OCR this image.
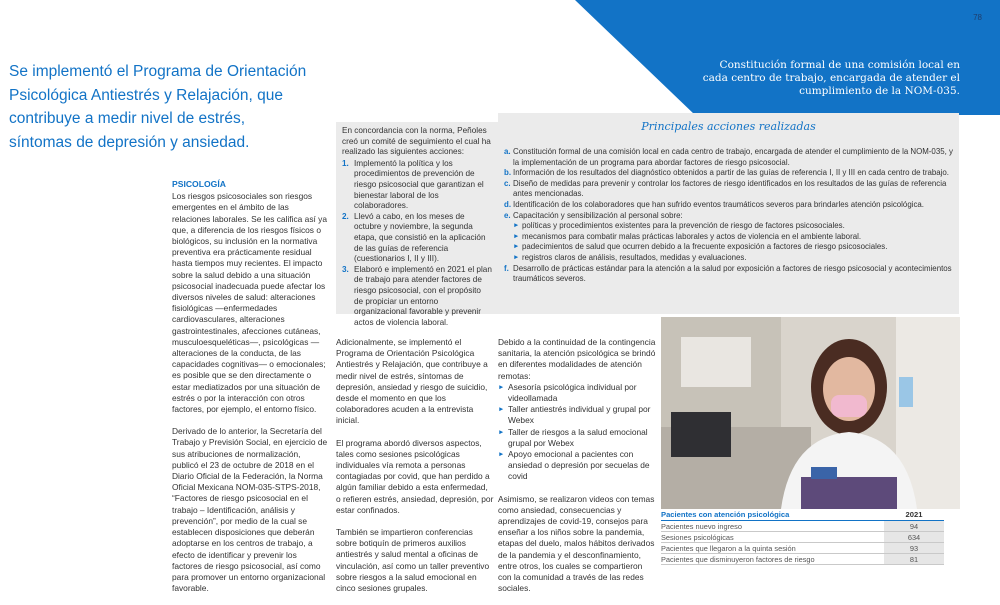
78
Constitución formal de una comisión local en cada centro de trabajo, encargada de atender el cumplimiento de la NOM-035.
Se implementó el Programa de Orientación Psicológica Antiestrés y Relajación, que contribuye a medir nivel de estrés, síntomas de depresión y ansiedad.
PSICOLOGÍA

Los riesgos psicosociales son riesgos emergentes en el ámbito de las relaciones laborales. Se les califica así ya que, a diferencia de los riesgos físicos o biológicos, su inclusión en la normativa preventiva era prácticamente residual hasta tiempos muy recientes. El impacto sobre la salud debido a una situación psicosocial inadecuada puede afectar los diversos niveles de salud: alteraciones fisiológicas —enfermedades cardiovasculares, alteraciones gastrointestinales, afecciones cutáneas, musculoesqueléticas—, psicológicas —alteraciones de la conducta, de las capacidades cognitivas— o emocionales; es posible que se den directamente o estar mediatizados por una situación de estrés o por la interacción con otros factores, por ejemplo, el entorno físico.

Derivado de lo anterior, la Secretaría del Trabajo y Previsión Social, en ejercicio de sus atribuciones de normalización, publicó el 23 de octubre de 2018 en el Diario Oficial de la Federación, la Norma Oficial Mexicana NOM-035-STPS-2018, “Factores de riesgo psicosocial en el trabajo – Identificación, análisis y prevención”, por medio de la cual se establecen disposiciones que deberán adoptarse en los centros de trabajo, a efecto de identificar y prevenir los factores de riesgo psicosocial, así como para promover un entorno organizacional favorable.

En concordancia con la norma, Peñoles creó un comité de seguimiento el cual ha realizado las siguientes acciones:
1. Implementó la política y los procedimientos de prevención de riesgo psicosocial que garantizan el bienestar laboral de los colaboradores.
2. Llevó a cabo, en los meses de octubre y noviembre, la segunda etapa, que consistió en la aplicación de las guías de referencia (cuestionarios I, II y III).
3. Elaboró e implementó en 2021 el plan de trabajo para atender factores de riesgo psicosocial, con el propósito de propiciar un entorno organizacional favorable y prevenir actos de violencia laboral.
Principales acciones realizadas
a. Constitución formal de una comisión local en cada centro de trabajo, encargada de atender el cumplimiento de la NOM-035, y la implementación de un programa para abordar factores de riesgo psicosocial.
b. Información de los resultados del diagnóstico obtenidos a partir de las guías de referencia I, II y III en cada centro de trabajo.
c. Diseño de medidas para prevenir y controlar los factores de riesgo identificados en los resultados de las guías de referencia antes mencionadas.
d. Identificación de los colaboradores que han sufrido eventos traumáticos severos para brindarles atención psicológica.
e. Capacitación y sensibilización al personal sobre:
► políticas y procedimientos existentes para la prevención de riesgo de factores psicosociales.
► mecanismos para combatir malas prácticas laborales y actos de violencia en el ambiente laboral.
► padecimientos de salud que ocurren debido a la frecuente exposición a factores de riesgo psicosociales.
► registros claros de análisis, resultados, medidas y evaluaciones.
f. Desarrollo de prácticas estándar para la atención a la salud por exposición a factores de riesgo psicosocial y acontecimientos traumáticos severos.

Adicionalmente, se implementó el Programa de Orientación Psicológica Antiestrés y Relajación, que contribuye a medir nivel de estrés, síntomas de depresión, ansiedad y riesgo de suicidio, desde el momento en que los colaboradores acuden a la entrevista inicial.

El programa abordó diversos aspectos, tales como sesiones psicológicas individuales vía remota a personas contagiadas por covid, que han perdido a algún familiar debido a esta enfermedad, o refieren estrés, ansiedad, depresión, por estar confinados.

También se impartieron conferencias sobre botiquín de primeros auxilios antiestrés y salud mental a oficinas de vinculación, así como un taller preventivo sobre riesgos a la salud emocional en cinco sesiones grupales.

Debido a la continuidad de la contingencia sanitaria, la atención psicológica se brindó en diferentes modalidades de atención remotas:

► Asesoría psicológica individual por videollamada
► Taller antiestrés individual y grupal por Webex
► Taller de riesgos a la salud emocional grupal por Webex
► Apoyo emocional a pacientes con ansiedad o depresión por secuelas de covid

Asimismo, se realizaron videos con temas como ansiedad, consecuencias y aprendizajes de covid-19, consejos para enseñar a los niños sobre la pandemia, etapas del duelo, malos hábitos derivados de la pandemia y el desconfinamiento, entre otros, los cuales se compartieron con la comunidad a través de las redes sociales.

Pacientes con atención psicológica	2021
Pacientes nuevo ingreso	94
Sesiones psicológicas	634
Pacientes que llegaron a la quinta sesión	93
Pacientes que disminuyeron factores de riesgo	81
